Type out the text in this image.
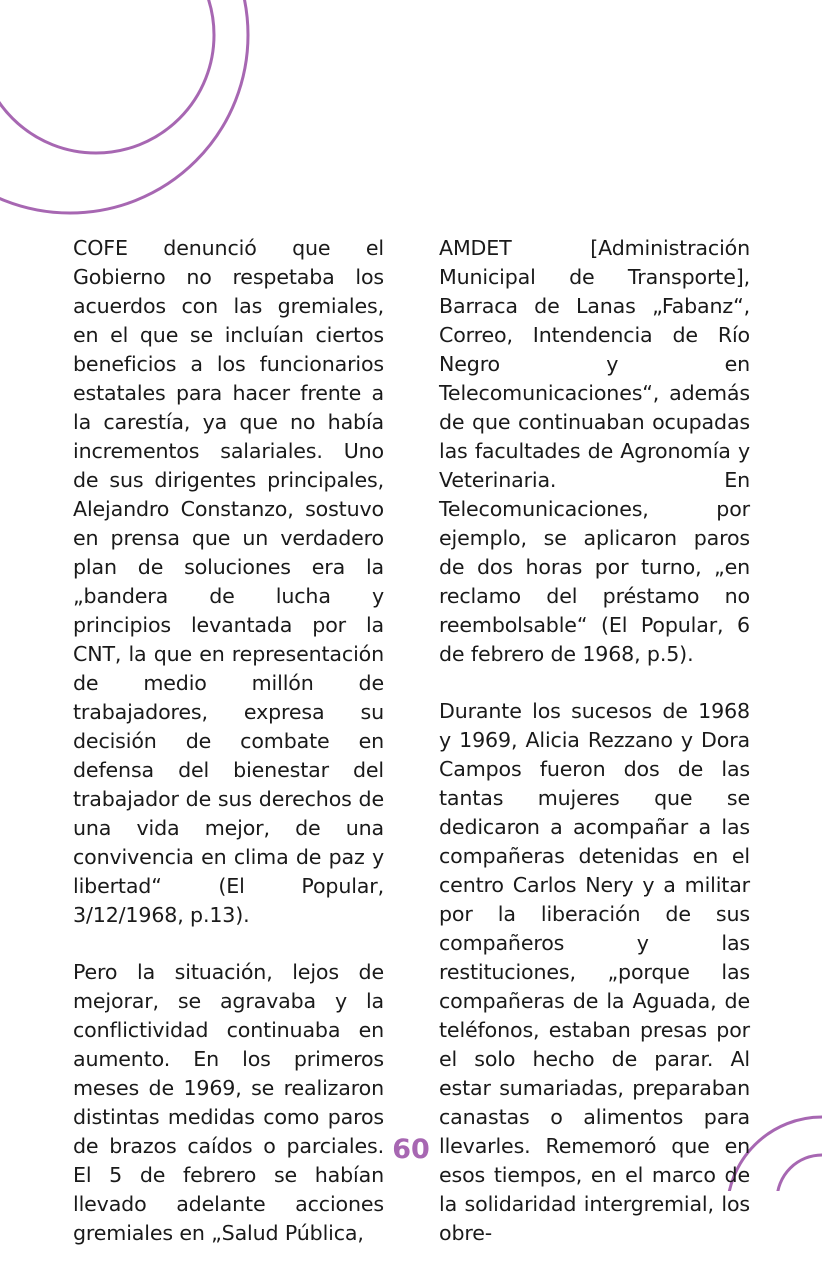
COFE denunció que el Gobierno no respetaba los acuerdos con las gremiales, en el que se incluían ciertos beneficios a los funcionarios estatales para hacer frente a la carestía, ya que no había incrementos salariales. Uno de sus dirigentes principales, Alejandro Constanzo, sostuvo en prensa que un verdadero plan de soluciones era la „bandera de lucha y principios levantada por la CNT, la que en representación de medio millón de trabajadores, expresa su decisión de combate en defensa del bienestar del trabajador de sus derechos de una vida mejor, de una convivencia en clima de paz y libertad“ (El Popular, 3/12/1968, p.13).

Pero la situación, lejos de mejorar, se agravaba y la conflictividad continuaba en aumento. En los primeros meses de 1969, se realizaron distintas medidas como paros de brazos caídos o parciales. El 5 de febrero se habían llevado adelante acciones gremiales en „Salud Pública,

AMDET [Administración Municipal de Transporte], Barraca de Lanas „Fabanz“, Correo, Intendencia de Río Negro y en Telecomunicaciones“, además de que continuaban ocupadas las facultades de Agronomía y Veterinaria. En Telecomunicaciones, por ejemplo, se aplicaron paros de dos horas por turno, „en reclamo del préstamo no reembolsable“ (El Popular, 6 de febrero de 1968, p.5).

Durante los sucesos de 1968 y 1969, Alicia Rezzano y Dora Campos fueron dos de las tantas mujeres que se dedicaron a acompañar a las compañeras detenidas en el centro Carlos Nery y a militar por la liberación de sus compañeros y las restituciones, „porque las compañeras de la Aguada, de teléfonos, estaban presas por el solo hecho de parar. Al estar sumariadas, preparaban canastas o alimentos para llevarles. Rememoró que en esos tiempos, en el marco de la solidaridad intergremial, los obre-

60
